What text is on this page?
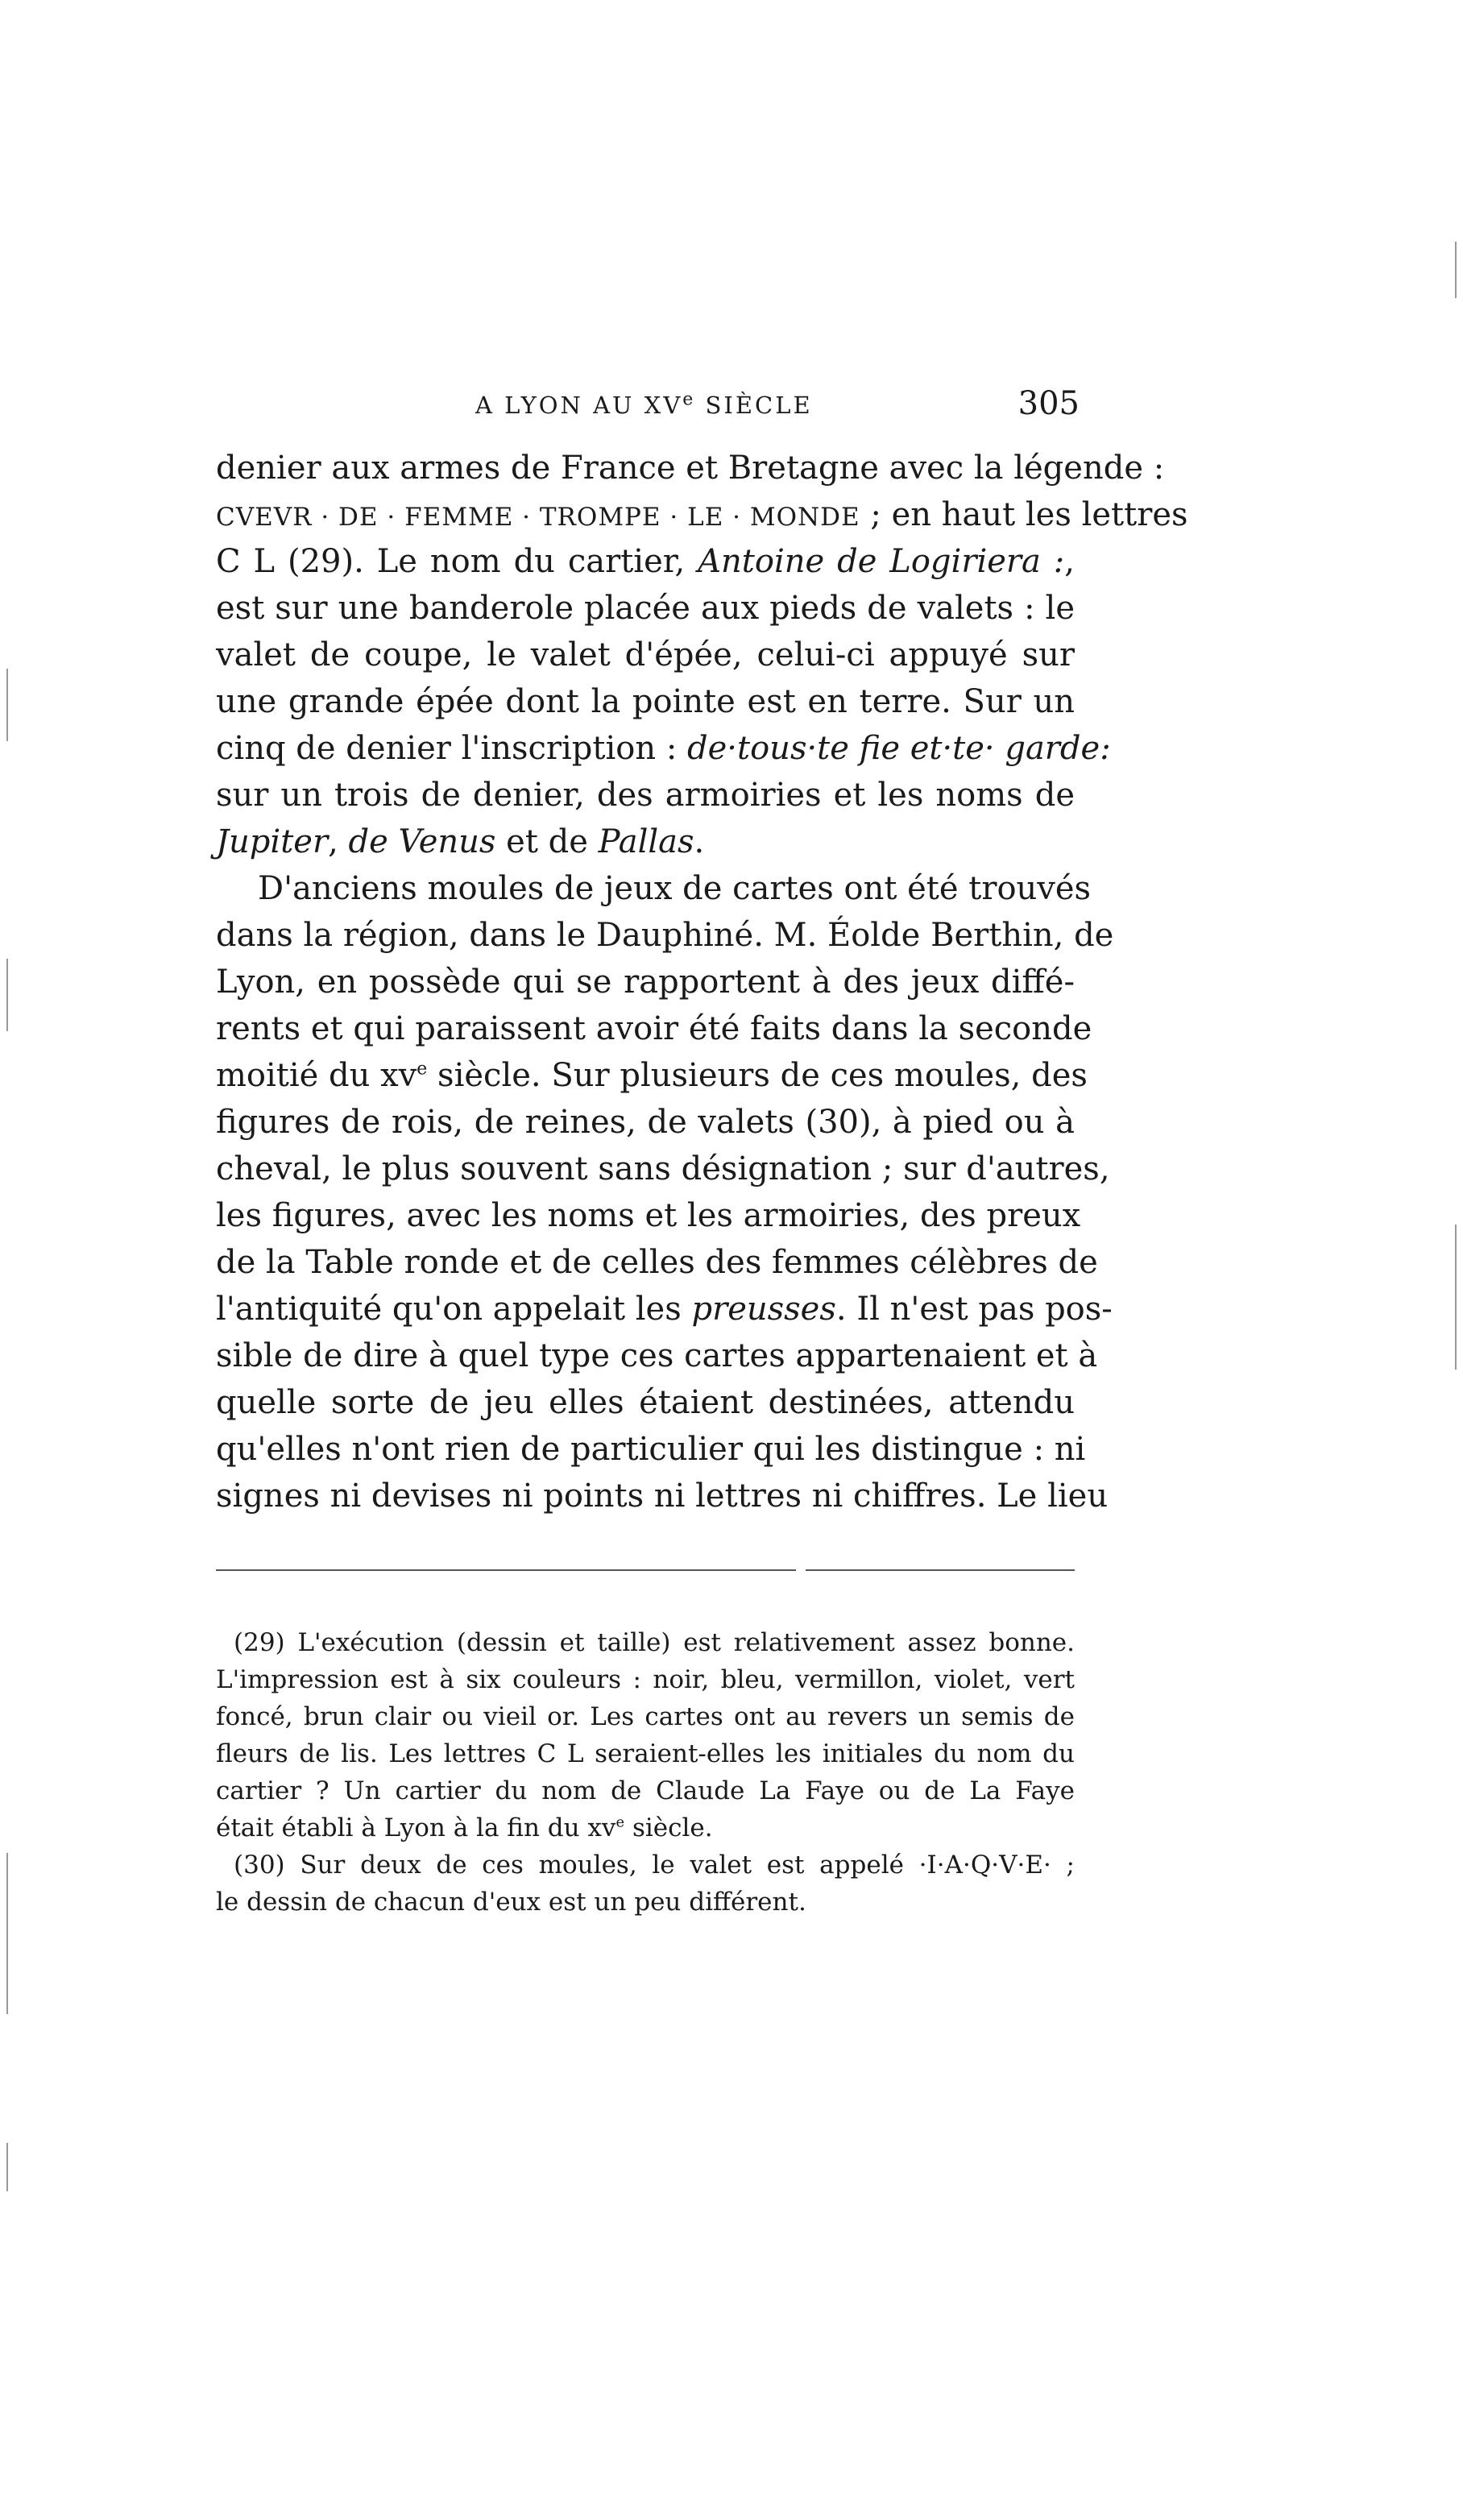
A LYON AU XVe SIÈCLE	305
denier aux armes de France et Bretagne avec la légende :
CVEVR · DE · FEMME · TROMPE · LE · MONDE ; en haut les lettres
C L (29). Le nom du cartier, Antoine de Logiriera :,
est sur une banderole placée aux pieds de valets : le
valet de coupe, le valet d'épée, celui-ci appuyé sur
une grande épée dont la pointe est en terre. Sur un
cinq de denier l'inscription : de·tous·te fie et·te· garde:
sur un trois de denier, des armoiries et les noms de
Jupiter, de Venus et de Pallas.
D'anciens moules de jeux de cartes ont été trouvés
dans la région, dans le Dauphiné. M. Éolde Berthin, de
Lyon, en possède qui se rapportent à des jeux diffé-
rents et qui paraissent avoir été faits dans la seconde
moitié du $xv^e$ siècle. Sur plusieurs de ces moules, des
figures de rois, de reines, de valets (30), à pied ou à
cheval, le plus souvent sans désignation ; sur d'autres,
les figures, avec les noms et les armoiries, des preux
de la Table ronde et de celles des femmes célèbres de
l'antiquité qu'on appelait les preusses. Il n'est pas pos-
sible de dire à quel type ces cartes appartenaient et à
quelle sorte de jeu elles étaient destinées, attendu
qu'elles n'ont rien de particulier qui les distingue : ni
signes ni devises ni points ni lettres ni chiffres. Le lieu
(29) L'exécution (dessin et taille) est relativement assez bonne.
L'impression est à six couleurs : noir, bleu, vermillon, violet, vert
foncé, brun clair ou vieil or. Les cartes ont au revers un semis de
fleurs de lis. Les lettres C L seraient-elles les initiales du nom du
cartier ? Un cartier du nom de Claude La Faye ou de La Faye
était établi à Lyon à la fin du $xv^e$ siècle.
(30) Sur deux de ces moules, le valet est appelé ·I·A·Q·V·E· ;
le dessin de chacun d'eux est un peu différent.
